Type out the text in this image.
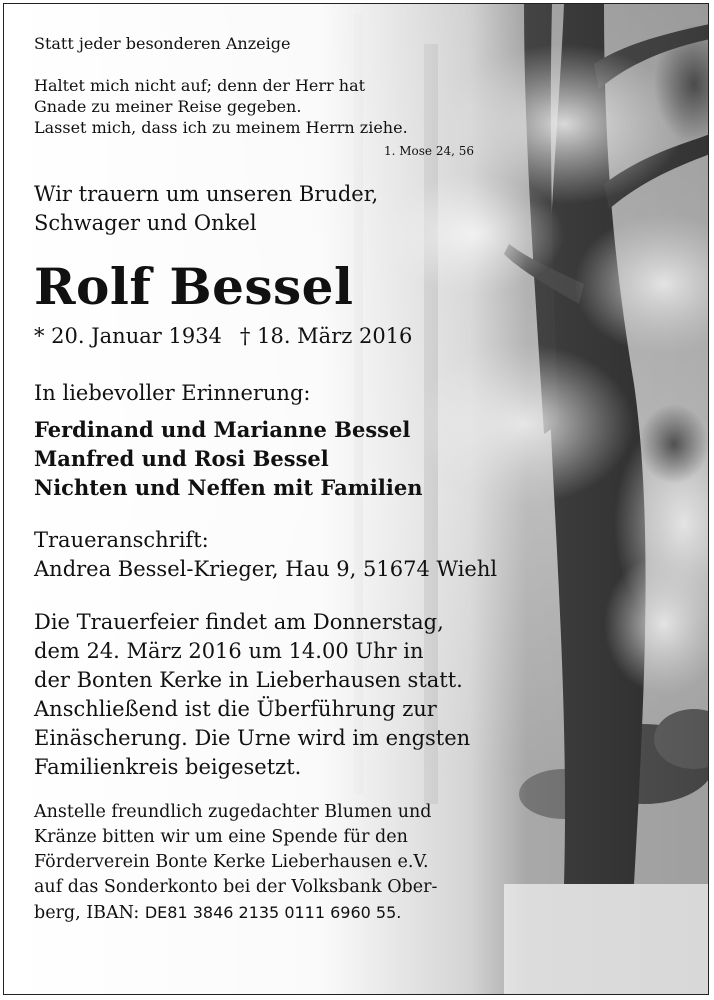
Statt jeder besonderen Anzeige

Haltet mich nicht auf; denn der Herr hat

Gnade zu meiner Reise gegeben.

Lasset mich, dass ich zu meinem Herrn ziehe.

1. Mose 24, 56

Wir trauern um unseren Bruder,

Schwager und Onkel

Rolf Bessel

* 20. Januar 1934 † 18. März 2016

In liebevoller Erinnerung:

Ferdinand und Marianne Bessel

Manfred und Rosi Bessel

Nichten und Neffen mit Familien

Traueranschrift:

Andrea Bessel-Krieger, Hau 9, 51674 Wiehl

Die Trauerfeier findet am Donnerstag,

dem 24. März 2016 um 14.00 Uhr in

der Bonten Kerke in Lieberhausen statt.

Anschließend ist die Überführung zur

Einäscherung. Die Urne wird im engsten

Familienkreis beigesetzt.

Anstelle freundlich zugedachter Blumen und

Kränze bitten wir um eine Spende für den

Förderverein Bonte Kerke Lieberhausen e.V.

auf das Sonderkonto bei der Volksbank Ober-

berg, IBAN: DE81 3846 2135 0111 6960 55.
